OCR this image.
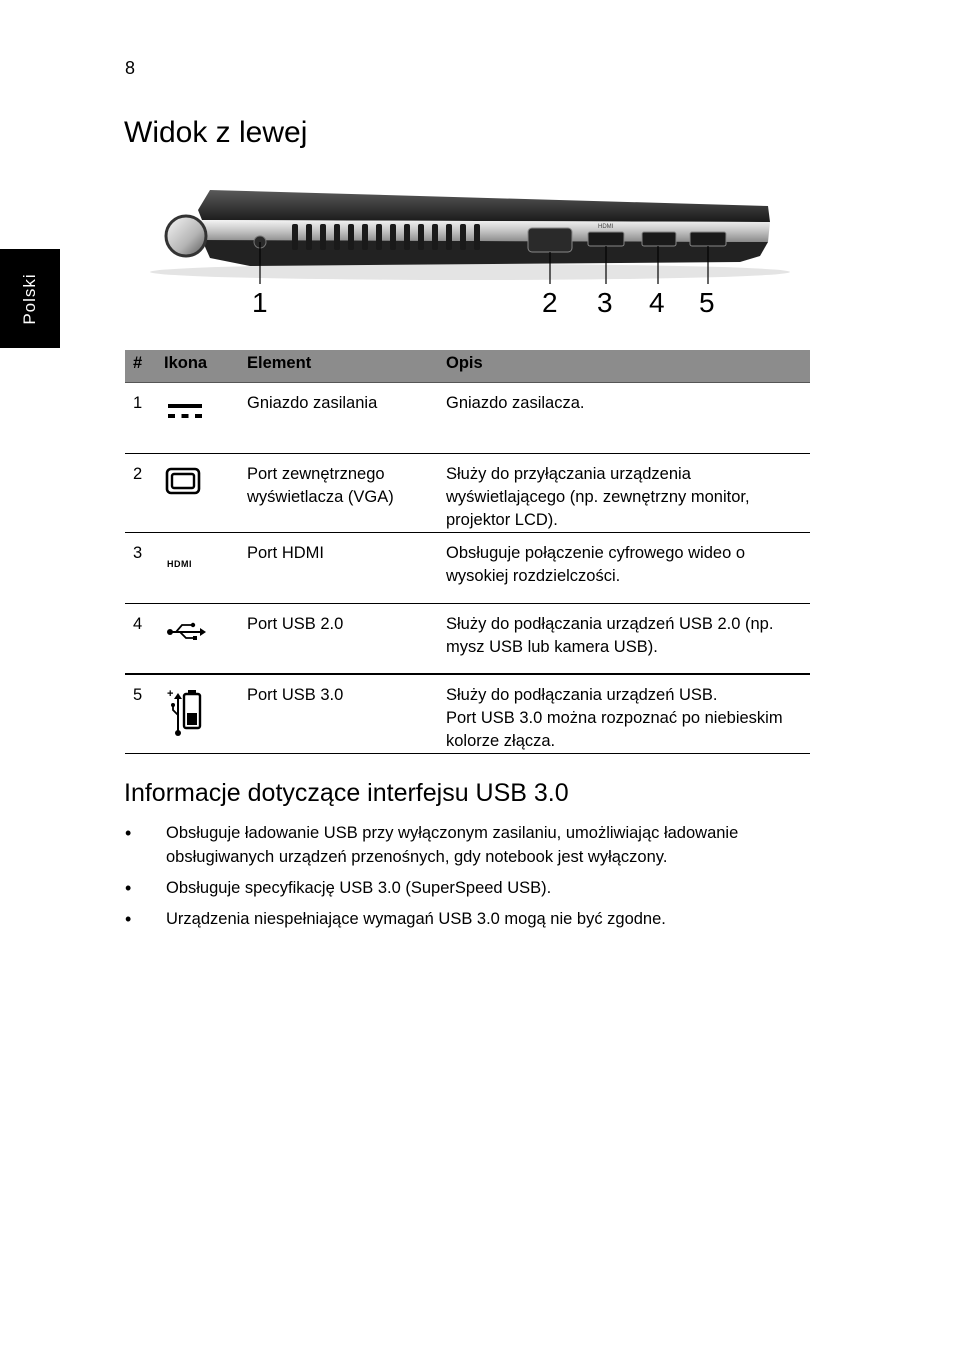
8
Polski
Widok z lewej
HDMI
1	2 3 4 5
#	Ikona	Element	Opis
1		Gniazdo zasilania	Gniazdo zasilacza.
2		Port zewnętrznego wyświetlacza (VGA)	Służy do przyłączania urządzenia wyświetlającego (np. zewnętrzny monitor, projektor LCD).
3	HDMI	Port HDMI	Obsługuje połączenie cyfrowego wideo o wysokiej rozdzielczości.
4		Port USB 2.0	Służy do podłączania urządzeń USB 2.0 (np. mysz USB lub kamera USB).
5	+	Port USB 3.0	Służy do podłączania urządzeń USB.
Port USB 3.0 można rozpoznać po niebieskim kolorze złącza.
Informacje dotyczące interfejsu USB 3.0
• Obsługuje ładowanie USB przy wyłączonym zasilaniu, umożliwiając ładowanie obsługiwanych urządzeń przenośnych, gdy notebook jest wyłączony.
• Obsługuje specyfikację USB 3.0 (SuperSpeed USB).
• Urządzenia niespełniające wymagań USB 3.0 mogą nie być zgodne.
